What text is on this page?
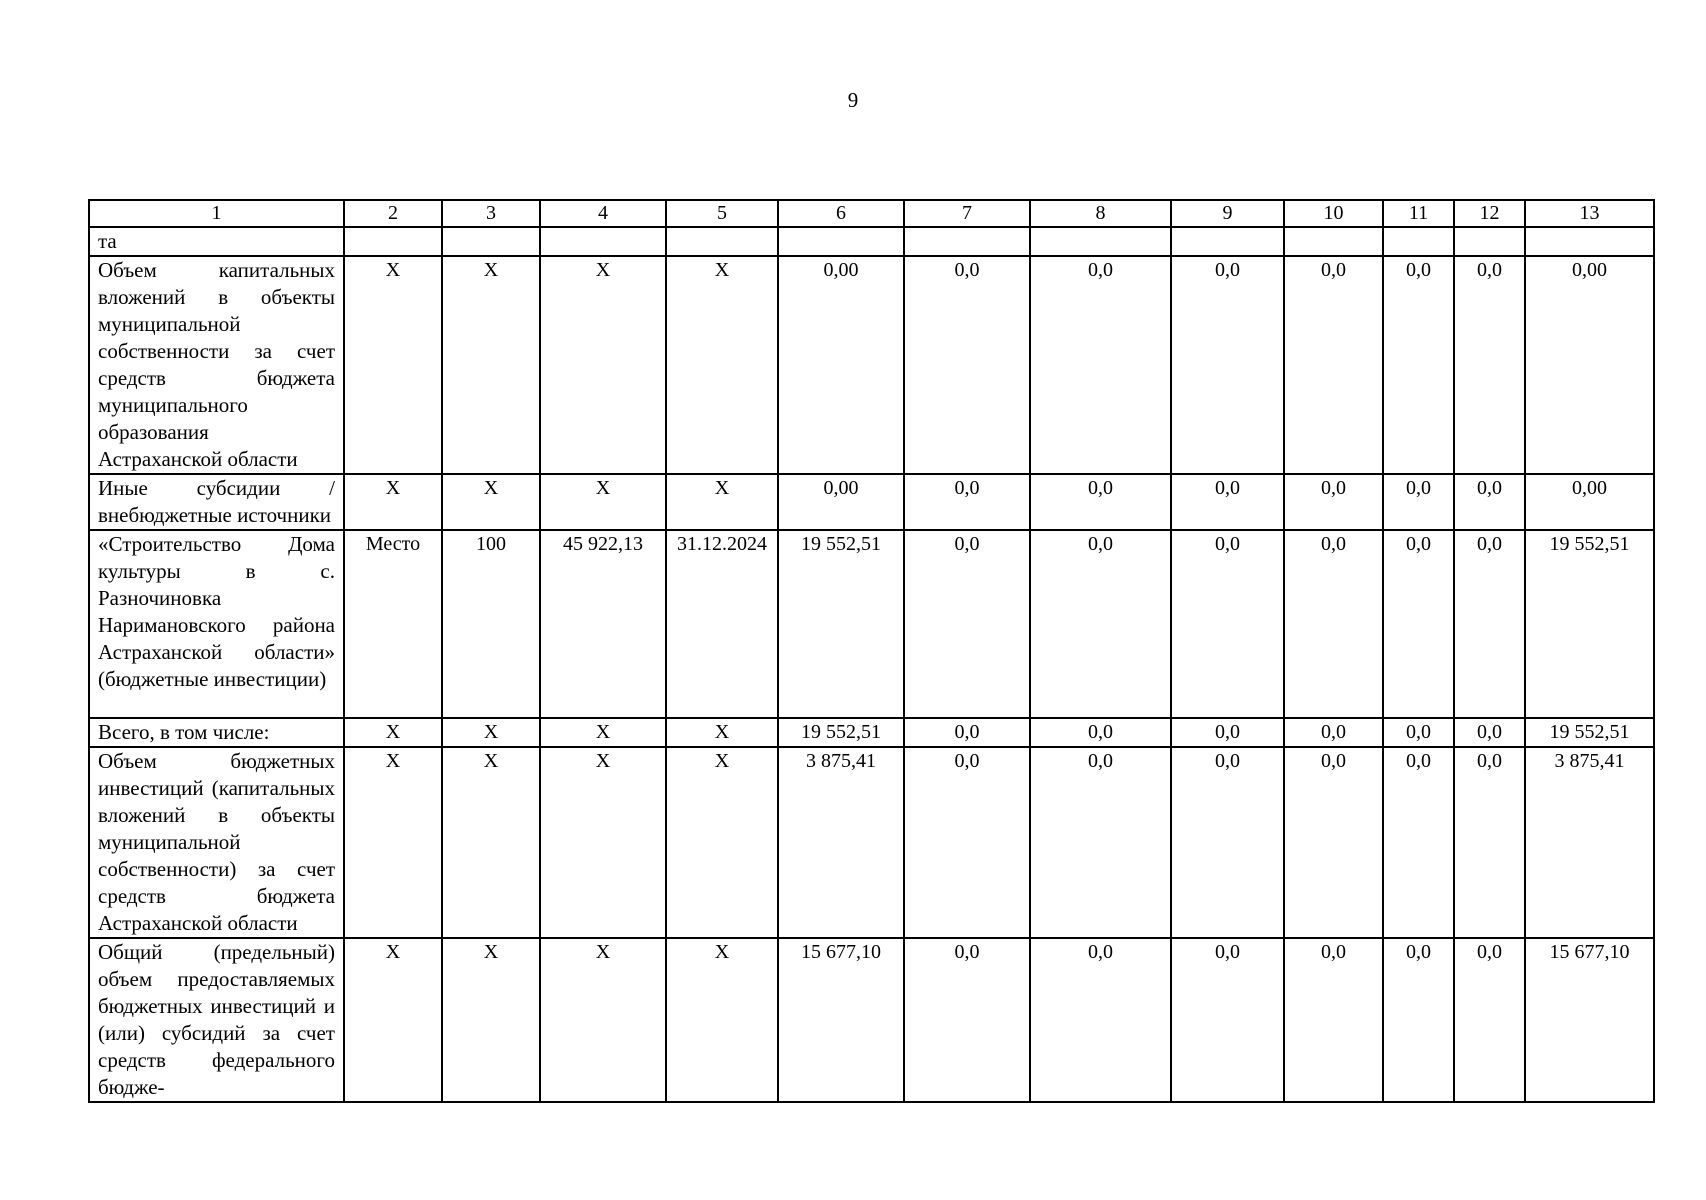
9
1	2	3	4	5	6	7	8	9	10	11	12	13
та												
Объем капитальных вложений в объекты муниципальной собственности за счет средств бюджета муниципального образования Астраханской области	X	X	X	X	0,00	0,0	0,0	0,0	0,0	0,0	0,0	0,00
Иные субсидии / внебюджетные источники	X	X	X	X	0,00	0,0	0,0	0,0	0,0	0,0	0,0	0,00
«Строительство Дома культуры в с. Разночиновка Наримановского района Астраханской области» (бюджетные инвестиции)	Место	100	45 922,13	31.12.2024	19 552,51	0,0	0,0	0,0	0,0	0,0	0,0	19 552,51
Всего, в том числе:	X	X	X	X	19 552,51	0,0	0,0	0,0	0,0	0,0	0,0	19 552,51
Объем бюджетных инвестиций (капитальных вложений в объекты муниципальной собственности) за счет средств бюджета Астраханской области	X	X	X	X	3 875,41	0,0	0,0	0,0	0,0	0,0	0,0	3 875,41
Общий (предельный) объем предоставляемых бюджетных инвестиций и (или) субсидий за счет средств федерального бюдже-	X	X	X	X	15 677,10	0,0	0,0	0,0	0,0	0,0	0,0	15 677,10
